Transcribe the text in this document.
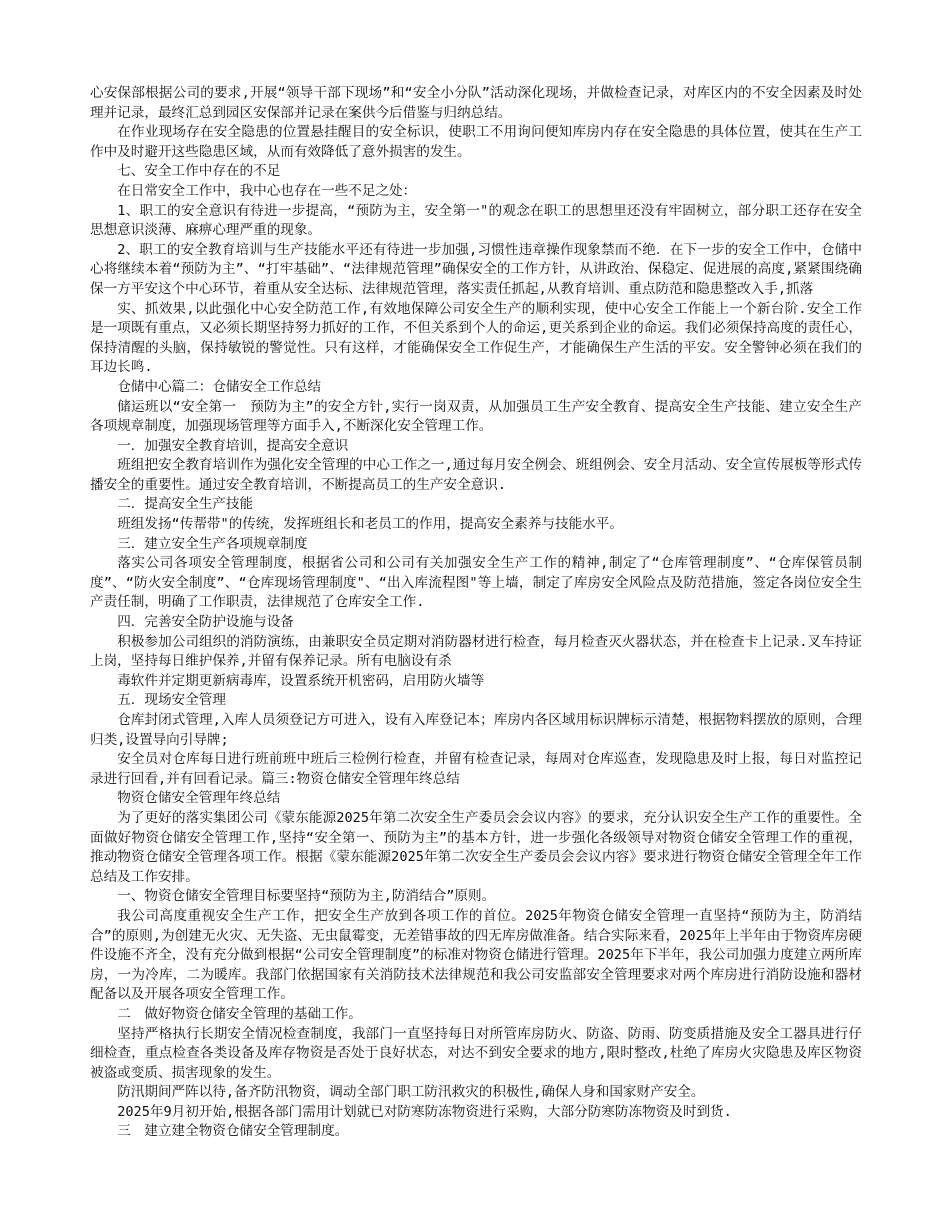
心安保部根据公司的要求,开展“领导干部下现场”和“安全小分队”活动深化现场，并做检查记录，对库区内的不安全因素及时处理并记录，最终汇总到园区安保部并记录在案供今后借鉴与归纳总结。

在作业现场存在安全隐患的位置悬挂醒目的安全标识，使职工不用询问便知库房内存在安全隐患的具体位置，使其在生产工作中及时避开这些隐患区域，从而有效降低了意外损害的发生。

七、安全工作中存在的不足

在日常安全工作中，我中心也存在一些不足之处：

1、职工的安全意识有待进一步提高，“预防为主，安全第一"的观念在职工的思想里还没有牢固树立，部分职工还存在安全思想意识淡薄、麻痹心理严重的现象。

2、职工的安全教育培训与生产技能水平还有待进一步加强,习惯性违章操作现象禁而不绝．在下一步的安全工作中，仓储中心将继续本着“预防为主”、“打牢基础”、“法律规范管理”确保安全的工作方针，从讲政治、保稳定、促进展的高度,紧紧围绕确保一方平安这个中心环节，着重从安全达标、法律规范管理，落实责任抓起,从教育培训、重点防范和隐患整改入手,抓落

实、抓效果,以此强化中心安全防范工作,有效地保障公司安全生产的顺利实现，使中心安全工作能上一个新台阶.安全工作是一项既有重点，又必须长期坚持努力抓好的工作，不但关系到个人的命运,更关系到企业的命运。我们必须保持高度的责任心，保持清醒的头脑，保持敏锐的警觉性。只有这样，才能确保安全工作促生产，才能确保生产生活的平安。安全警钟必须在我们的耳边长鸣.

仓储中心篇二：仓储安全工作总结

储运班以“安全第一　预防为主”的安全方针,实行一岗双责，从加强员工生产安全教育、提高安全生产技能、建立安全生产各项规章制度，加强现场管理等方面手入,不断深化安全管理工作。

一．加强安全教育培训，提高安全意识

班组把安全教育培训作为强化安全管理的中心工作之一,通过每月安全例会、班组例会、安全月活动、安全宣传展板等形式传播安全的重要性。通过安全教育培训，不断提高员工的生产安全意识.

二．提高安全生产技能

班组发扬“传帮带"的传统，发挥班组长和老员工的作用，提高安全素养与技能水平。

三．建立安全生产各项规章制度

落实公司各项安全管理制度，根据省公司和公司有关加强安全生产工作的精神,制定了“仓库管理制度”、“仓库保管员制度”、“防火安全制度”、“仓库现场管理制度"、“出入库流程图"等上墙，制定了库房安全风险点及防范措施，签定各岗位安全生产责任制，明确了工作职责，法律规范了仓库安全工作.

四．完善安全防护设施与设备

积极参加公司组织的消防演练，由兼职安全员定期对消防器材进行检查，每月检查灭火器状态，并在检查卡上记录.叉车持证上岗，坚持每日维护保养,并留有保养记录。所有电脑设有杀

毒软件并定期更新病毒库，设置系统开机密码，启用防火墙等

五．现场安全管理

仓库封闭式管理,入库人员须登记方可进入，设有入库登记本；库房内各区域用标识牌标示清楚，根据物料摆放的原则，合理归类,设置导向引导牌;

安全员对仓库每日进行班前班中班后三检例行检查，并留有检查记录，每周对仓库巡查，发现隐患及时上报，每日对监控记录进行回看,并有回看记录。篇三:物资仓储安全管理年终总结

物资仓储安全管理年终总结

为了更好的落实集团公司《蒙东能源2025年第二次安全生产委员会会议内容》的要求，充分认识安全生产工作的重要性。全面做好物资仓储安全管理工作,坚持“安全第一、预防为主”的基本方针，进一步强化各级领导对物资仓储安全管理工作的重视，推动物资仓储安全管理各项工作。根据《蒙东能源2025年第二次安全生产委员会会议内容》要求进行物资仓储安全管理全年工作总结及工作安排。

一、物资仓储安全管理目标要坚持“预防为主,防消结合”原则。

我公司高度重视安全生产工作，把安全生产放到各项工作的首位。2025年物资仓储安全管理一直坚持“预防为主，防消结合”的原则,为创建无火灾、无失盗、无虫鼠霉变，无差错事故的四无库房做准备。结合实际来看，2025年上半年由于物资库房硬件设施不齐全，没有充分做到根据“公司安全管理制度”的标准对物资仓储进行管理。2025年下半年，我公司加强力度建立两所库房，一为冷库，二为暖库。我部门依据国家有关消防技术法律规范和我公司安监部安全管理要求对两个库房进行消防设施和器材配备以及开展各项安全管理工作。

二　做好物资仓储安全管理的基础工作。

坚持严格执行长期安全情况检查制度，我部门一直坚持每日对所管库房防火、防盗、防雨、防变质措施及安全工器具进行仔细检查，重点检查各类设备及库存物资是否处于良好状态，对达不到安全要求的地方,限时整改,杜绝了库房火灾隐患及库区物资被盗或变质、损害现象的发生。

防汛期间严阵以待,备齐防汛物资，调动全部门职工防汛救灾的积极性,确保人身和国家财产安全。

2025年9月初开始,根据各部门需用计划就已对防寒防冻物资进行采购，大部分防寒防冻物资及时到货.

三　建立建全物资仓储安全管理制度。
